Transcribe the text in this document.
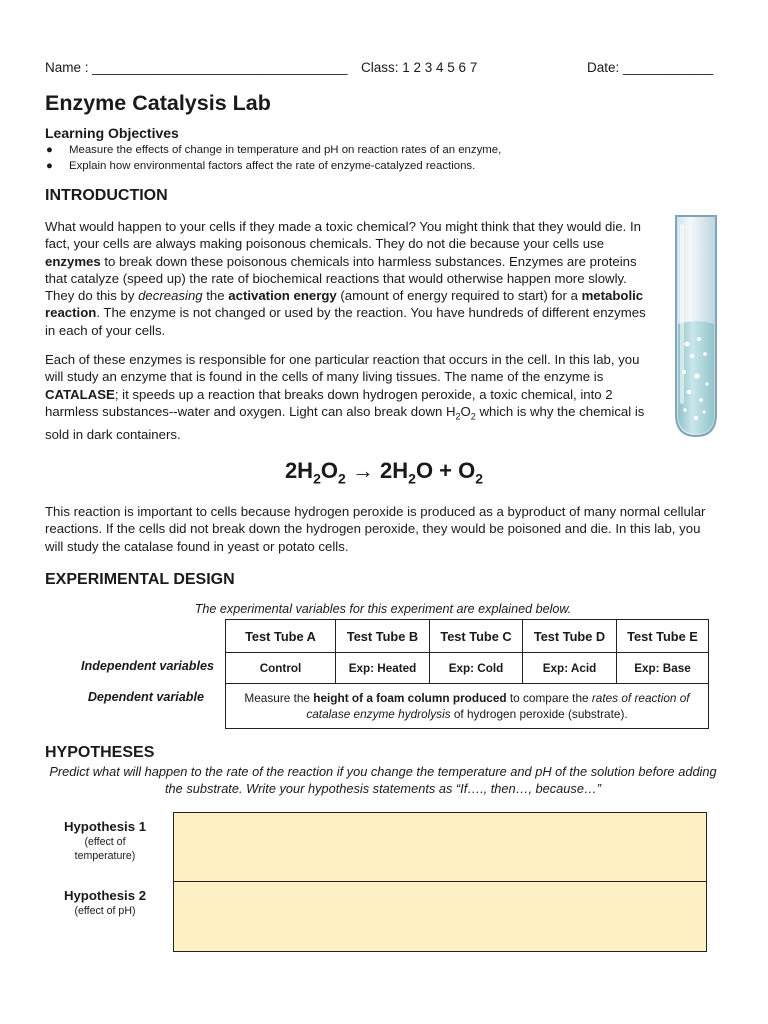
Name : __________________________________ Class: 1 2 3 4 5 6 7	Date: ____________
Enzyme Catalysis Lab
Learning Objectives
●	Measure the effects of change in temperature and pH on reaction rates of an enzyme,
●	Explain how environmental factors affect the rate of enzyme-catalyzed reactions.
INTRODUCTION
What would happen to your cells if they made a toxic chemical? You might think that they would die. In fact, your cells are always making poisonous chemicals. They do not die because your cells use enzymes to break down these poisonous chemicals into harmless substances. Enzymes are proteins that catalyze (speed up) the rate of biochemical reactions that would otherwise happen more slowly. They do this by decreasing the activation energy (amount of energy required to start) for a metabolic reaction. The enzyme is not changed or used by the reaction. You have hundreds of different enzymes in each of your cells.
Each of these enzymes is responsible for one particular reaction that occurs in the cell. In this lab, you will study an enzyme that is found in the cells of many living tissues. The name of the enzyme is CATALASE; it speeds up a reaction that breaks down hydrogen peroxide, a toxic chemical, into 2 harmless substances--water and oxygen. Light can also break down $H_2O_2$ which is why the chemical is sold in dark containers.
$2H_2O_2 \to 2H_2O + O_2$
This reaction is important to cells because hydrogen peroxide is produced as a byproduct of many normal cellular reactions. If the cells did not break down the hydrogen peroxide, they would be poisoned and die. In this lab, you will study the catalase found in yeast or potato cells.
EXPERIMENTAL DESIGN
The experimental variables for this experiment are explained below.
Test Tube A	Test Tube B	Test Tube C	Test Tube D	Test Tube E
Control	Exp: Heated	Exp: Cold	Exp: Acid	Exp: Base
Measure the height of a foam column produced to compare the rates of reaction of catalase enzyme hydrolysis of hydrogen peroxide (substrate).				
Independent variables
Dependent variable
HYPOTHESES
Predict what will happen to the rate of the reaction if you change the temperature and pH of the solution before adding the substrate. Write your hypothesis statements as “If…., then…, because…”
Hypothesis 1
(effect of temperature)
Hypothesis 2
(effect of pH)
